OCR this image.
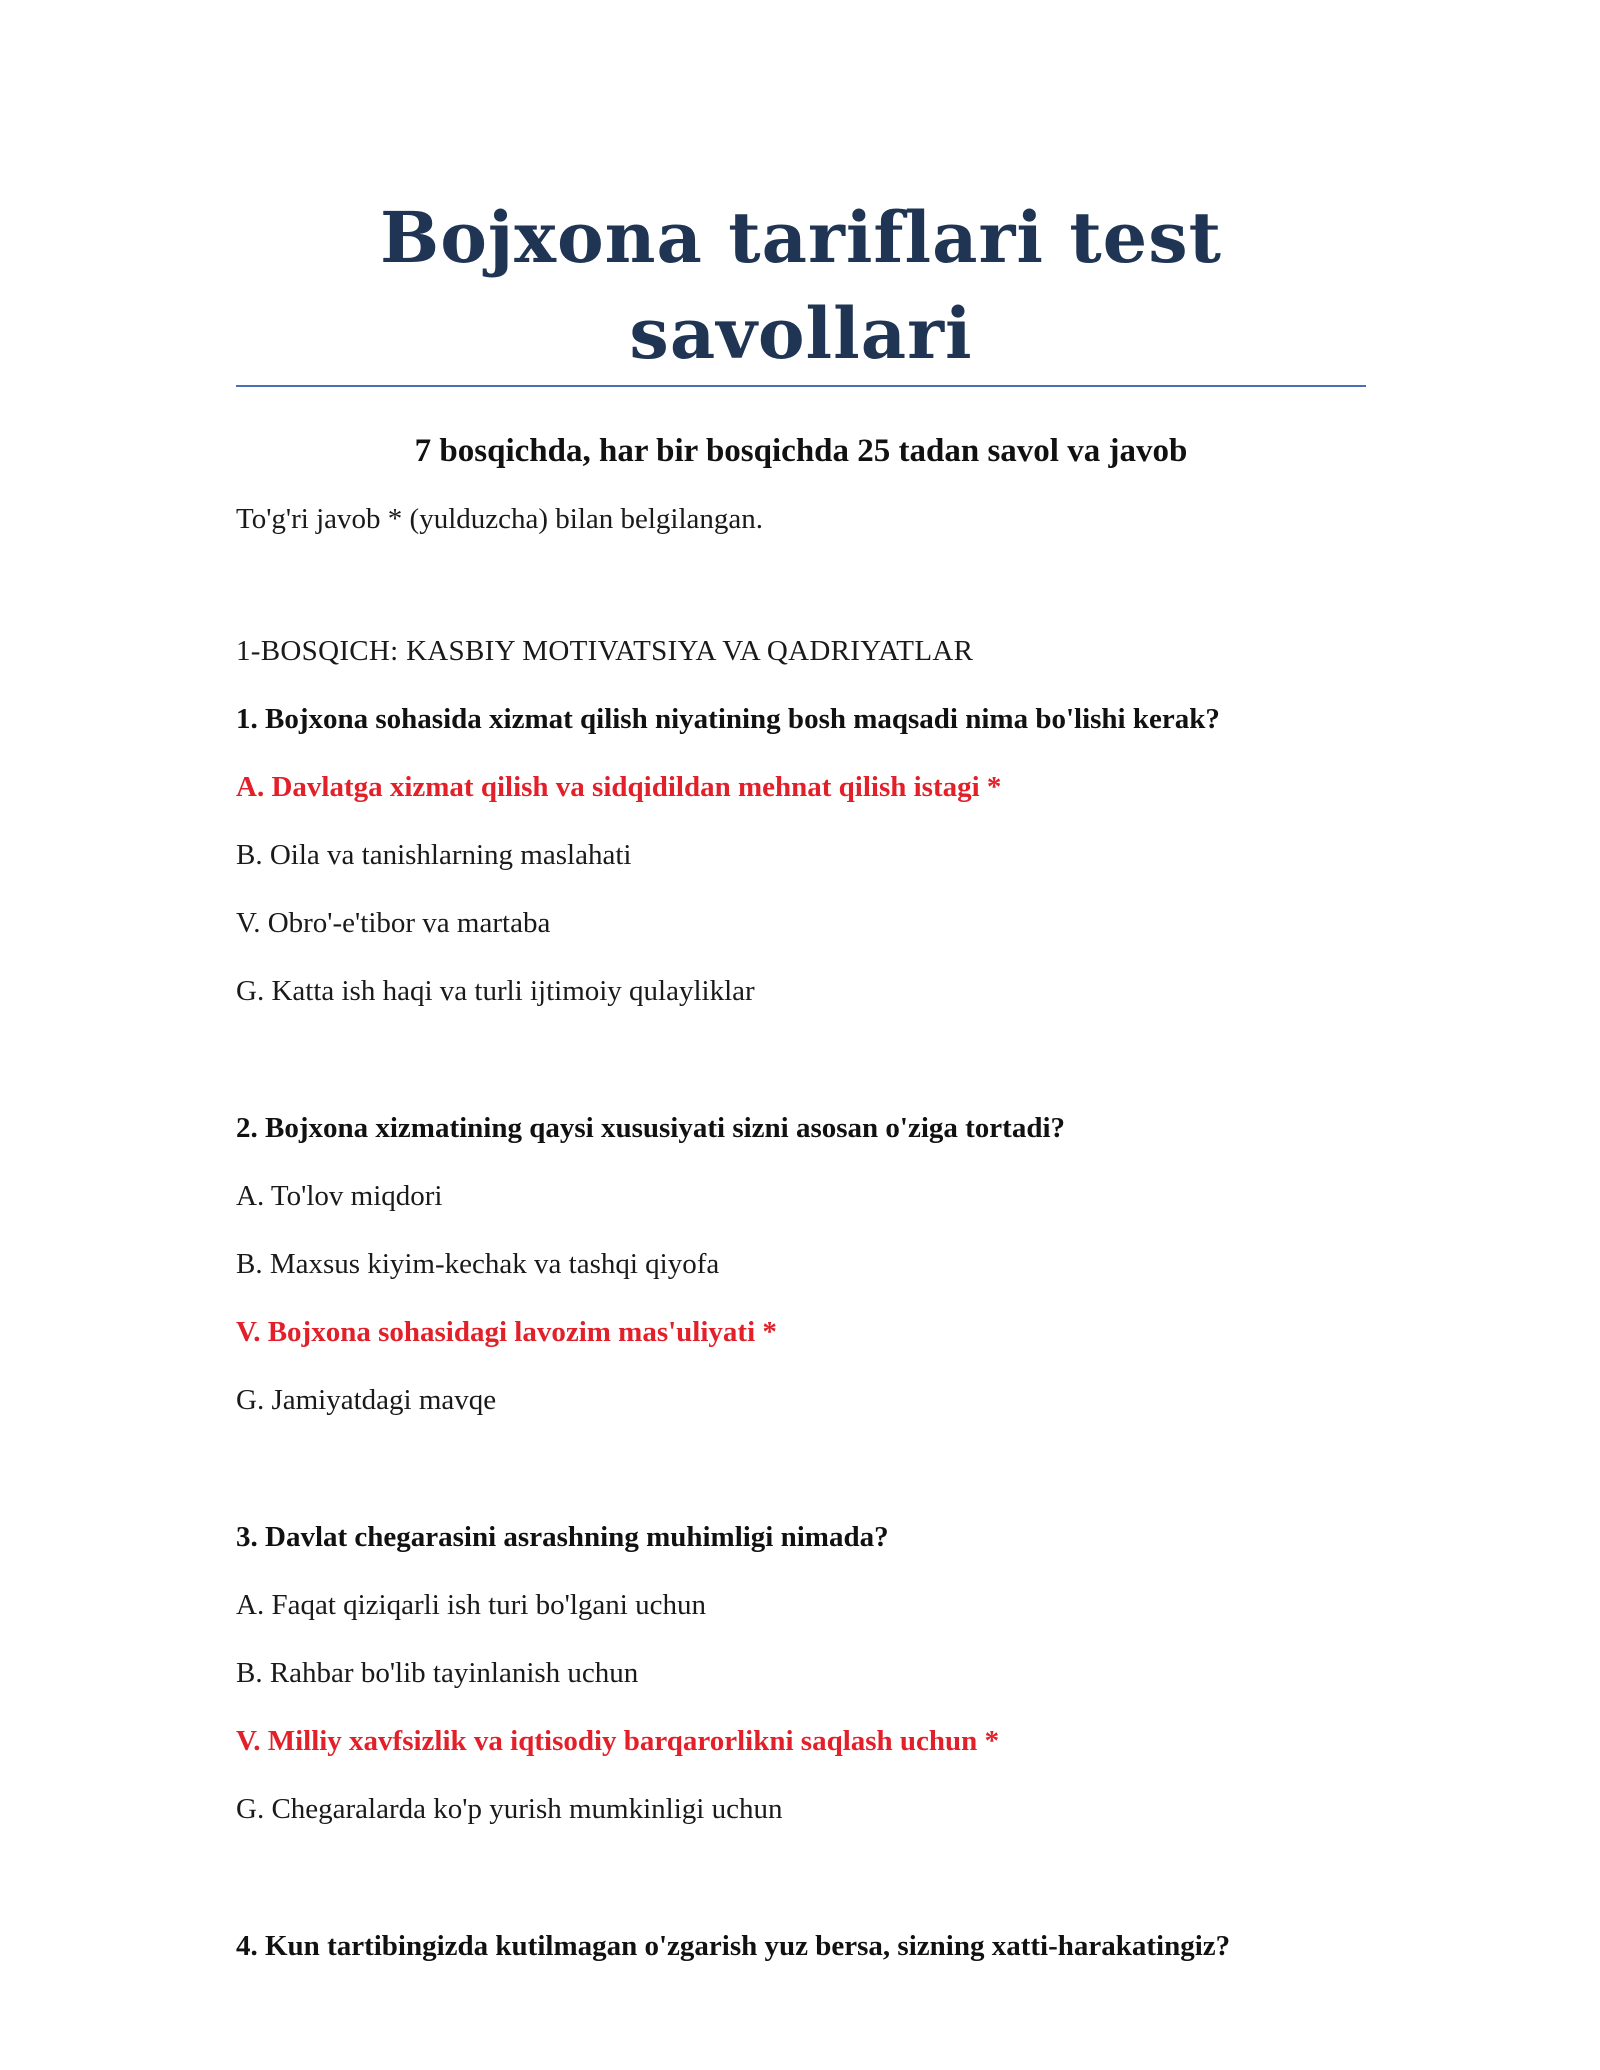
Bojxona tariflari test savollari
7 bosqichda, har bir bosqichda 25 tadan savol va javob

To'g'ri javob * (yulduzcha) bilan belgilangan.

1-BOSQICH: KASBIY MOTIVATSIYA VA QADRIYATLAR

1. Bojxona sohasida xizmat qilish niyatining bosh maqsadi nima bo'lishi kerak?

A. Davlatga xizmat qilish va sidqidildan mehnat qilish istagi *

B. Oila va tanishlarning maslahati

V. Obro'-e'tibor va martaba

G. Katta ish haqi va turli ijtimoiy qulayliklar

2. Bojxona xizmatining qaysi xususiyati sizni asosan o'ziga tortadi?

A. To'lov miqdori

B. Maxsus kiyim-kechak va tashqi qiyofa

V. Bojxona sohasidagi lavozim mas'uliyati *

G. Jamiyatdagi mavqe

3. Davlat chegarasini asrashning muhimligi nimada?

A. Faqat qiziqarli ish turi bo'lgani uchun

B. Rahbar bo'lib tayinlanish uchun

V. Milliy xavfsizlik va iqtisodiy barqarorlikni saqlash uchun *

G. Chegaralarda ko'p yurish mumkinligi uchun

4. Kun tartibingizda kutilmagan o'zgarish yuz bersa, sizning xatti-harakatingiz?
